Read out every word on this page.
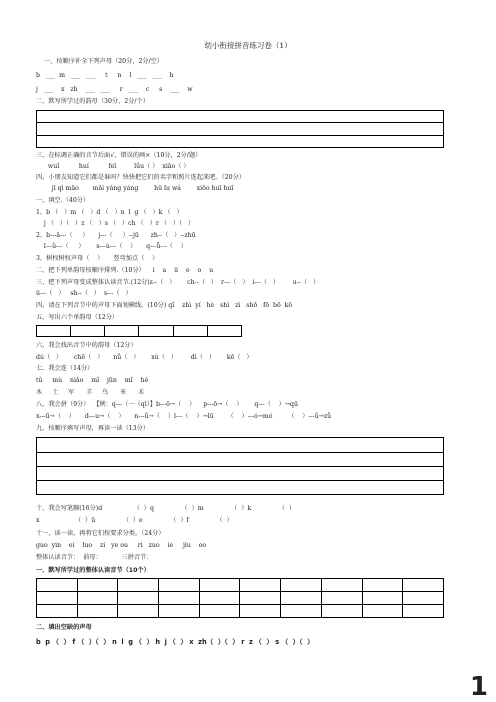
幼小衔接拼音练习卷（1）
一、按顺序补全下列声母（20分，2分/空）
b   ___  m   ___   ___     t     n    l   ___   ___    h
j   ___    x   zh    ___   ___     r   ___    c     s    ___    w
二、默写所学过的韵母（30分，2分/个）
三、在标调正确的音节后面√，错误的画×（10分，2分/题）
wuǐ          huí          feī         lǘu（ ）  xiāo（ ）
四、小朋友知道它们都是谁吗？快快把它们的名字和照片连起来吧。（20分）
jī qì māo       mǎi yáng yáng        hū lu wá        xiōo huī huī
一、填空.（40分）
1、b （   ）m （   ）d （   ）n  l  g （   ）k （   ）
j （   ）（   ）z （   ）s （   ）ch （   ）r （   ）（   ）
2、b---ā---（     ）     j---（     ）--jū      zh--（   ）--zhū
l---ǜ---（     ）      s---ù---（    ）     q---ǖ---（    ）
3、树杈树杈声母（    ）     竖弯加点（    ）
二、把下列单韵母按顺序排列.（10分）    i    a    ü    e    o    u
三、把下列声母变成整体认读音节.(12分)z--（   ）      ch--（   ）  r---（   ）  i---（   ）       u--（   ）
ü---（   ）   sh--（   ）  s---（   ）
四、请在下列音节中的声母下面划横线。(10分) qǐ    zhì  yí   hè   shì   zì   shō   fō  bō  kō
五、写出六个单韵母（12分）

六、我会找出音节中的韵母（12分）
dú（   ）      chē（   ）     nǚ（   ）      xú（   ）       dì（   ）      kē（   ）
七、我会连（14分）
tǔ     mù    niǎo    mǐ    jūn    mǐ    hé
木     土     军      羊     鸟      米      禾
八、我会拼（9分）  【例：q---（一（qì）】b---ō→（    ）    p---ō→（    ）      q---（    ）→qū
x---ū→（    ）     d---u→（    ）     n---ǚ→（    ）l---（    ）→lū       （    ）---ó→mó        （    ）---ǚ→zǚ
九、按顺序填写声母，再读一读（13分）
十、我会写笔顺(16分)d                （  ）q              （  ）m              （  ）k              （  ）
x                  （  ）ü              （  ）e              （  ）f              （  ）
十一、读一读，再将它们按要求分类。（24分）
guo  yin    ei    luo    zi   ye ou     ri   zuo    ie     jiu    oo
整体认读音节：  前母：          三拼音节：
一、默写所学过的整体认读音节（10个）

二、填出空缺的声母
b  p （  ） f （  ）（  ） n  l  g （  ） h  j （  ） x  zh（  ）（  ） r  z （  ） s （  ）（  ）
1
